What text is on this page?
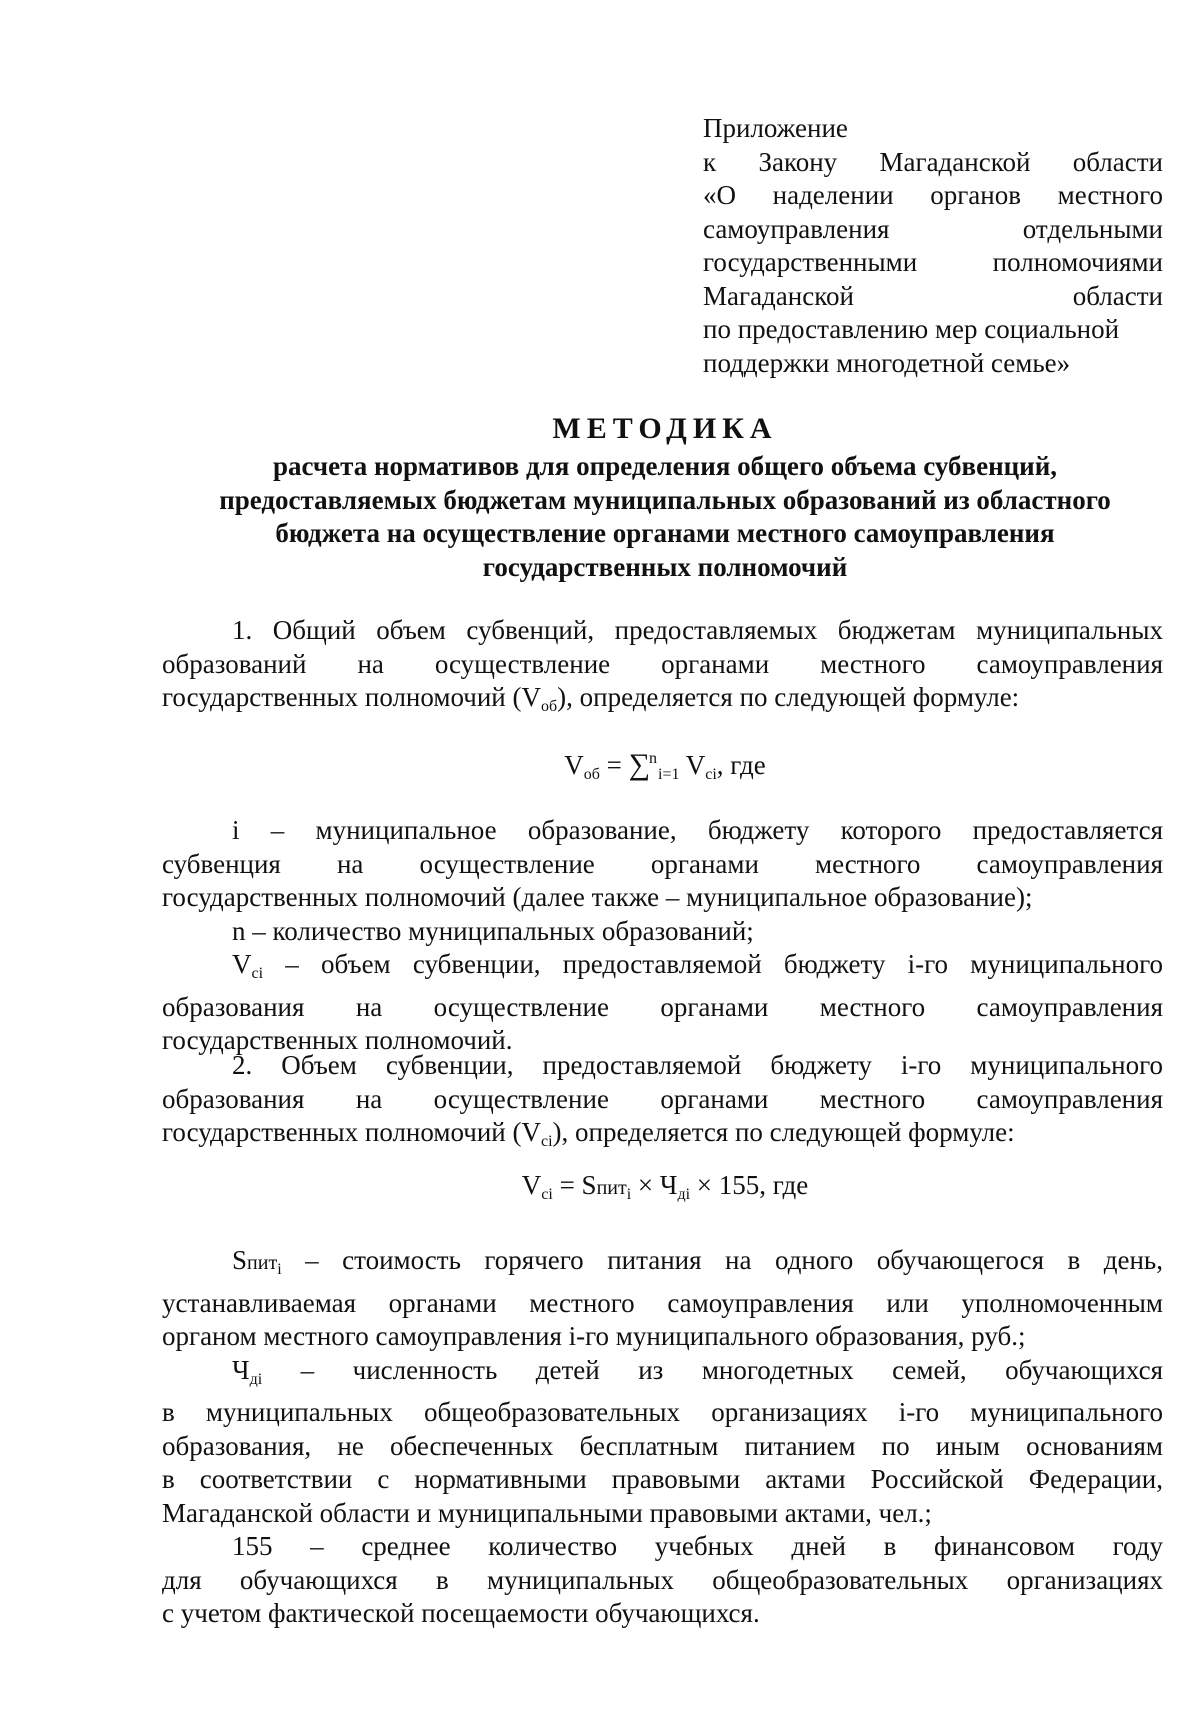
Приложение
к Закону Магаданской области
«О наделении органов местного
самоуправления отдельными
государственными полномочиями
Магаданской области
по предоставлению мер социальной
поддержки многодетной семье»
МЕТОДИКА
расчета нормативов для определения общего объема субвенций,
предоставляемых бюджетам муниципальных образований из областного
бюджета на осуществление органами местного самоуправления
государственных полномочий
1. Общий объем субвенций, предоставляемых бюджетам муниципальных
образований на осуществление органами местного самоуправления
государственных полномочий $(V_{об})$, определяется по следующей формуле:
$V_{об} = \sum^n_{i=1}$ $V_{ci}$, где
i – муниципальное образование, бюджету которого предоставляется
субвенция на осуществление органами местного самоуправления
государственных полномочий (далее также – муниципальное образование);
n – количество муниципальных образований;
$V_{ci}$ – объем субвенции, предоставляемой бюджету i-го муниципального
образования на осуществление органами местного самоуправления
государственных полномочий.
2. Объем субвенции, предоставляемой бюджету i-го муниципального
образования на осуществление органами местного самоуправления
государственных полномочий $(V_{ci})$, определяется по следующей формуле:
$V_{ci}$ = Sпит$_i$ × $Ч_{дi} \times 155$, где
Sпит$_i$ – стоимость горячего питания на одного обучающегося в день,
устанавливаемая органами местного самоуправления или уполномоченным
органом местного самоуправления i-го муниципального образования, руб.;
$Ч_{дi}$ – численность детей из многодетных семей, обучающихся
в муниципальных общеобразовательных организациях i-го муниципального
образования, не обеспеченных бесплатным питанием по иным основаниям
в соответствии с нормативными правовыми актами Российской Федерации,
Магаданской области и муниципальными правовыми актами, чел.;
155 – среднее количество учебных дней в финансовом году
для обучающихся в муниципальных общеобразовательных организациях
с учетом фактической посещаемости обучающихся.
